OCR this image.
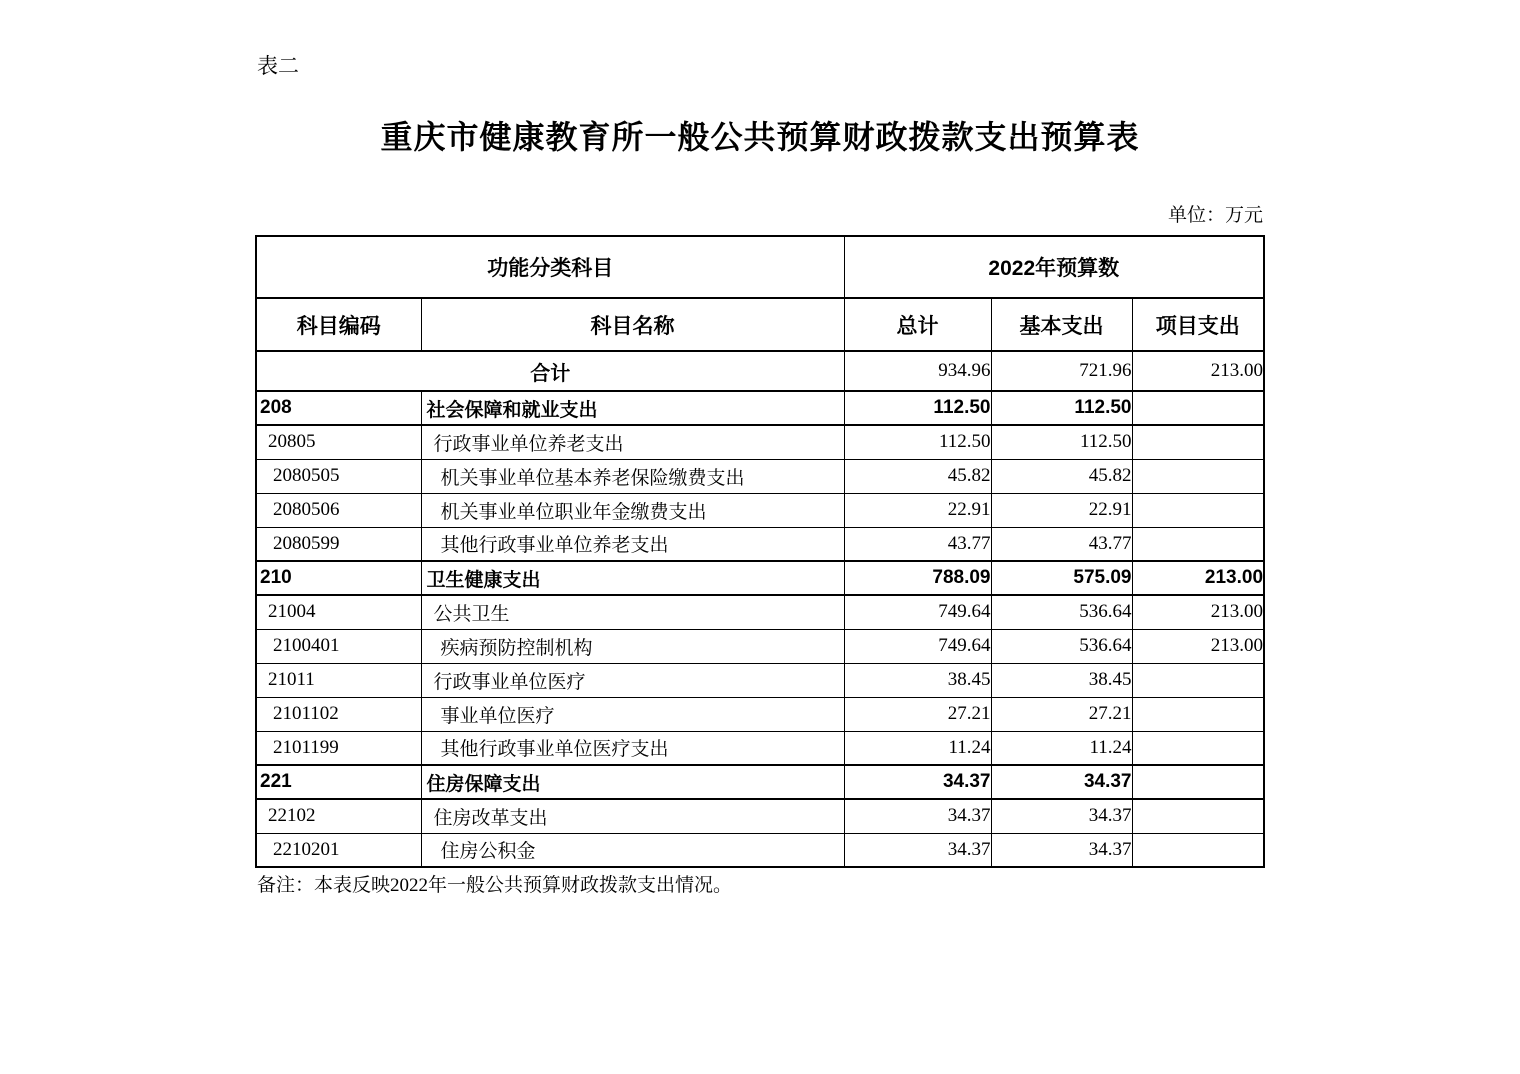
表二
重庆市健康教育所一般公共预算财政拨款支出预算表
单位：万元
功能分类科目		2022年预算数		
科目编码	科目名称	总计	基本支出	项目支出
合计		934.96	721.96	213.00
208	社会保障和就业支出	112.50	112.50	
20805	行政事业单位养老支出	112.50	112.50	
2080505	机关事业单位基本养老保险缴费支出	45.82	45.82	
2080506	机关事业单位职业年金缴费支出	22.91	22.91	
2080599	其他行政事业单位养老支出	43.77	43.77	
210	卫生健康支出	788.09	575.09	213.00
21004	公共卫生	749.64	536.64	213.00
2100401	疾病预防控制机构	749.64	536.64	213.00
21011	行政事业单位医疗	38.45	38.45	
2101102	事业单位医疗	27.21	27.21	
2101199	其他行政事业单位医疗支出	11.24	11.24	
221	住房保障支出	34.37	34.37	
22102	住房改革支出	34.37	34.37	
2210201	住房公积金	34.37	34.37	
备注：本表反映2022年一般公共预算财政拨款支出情况。
